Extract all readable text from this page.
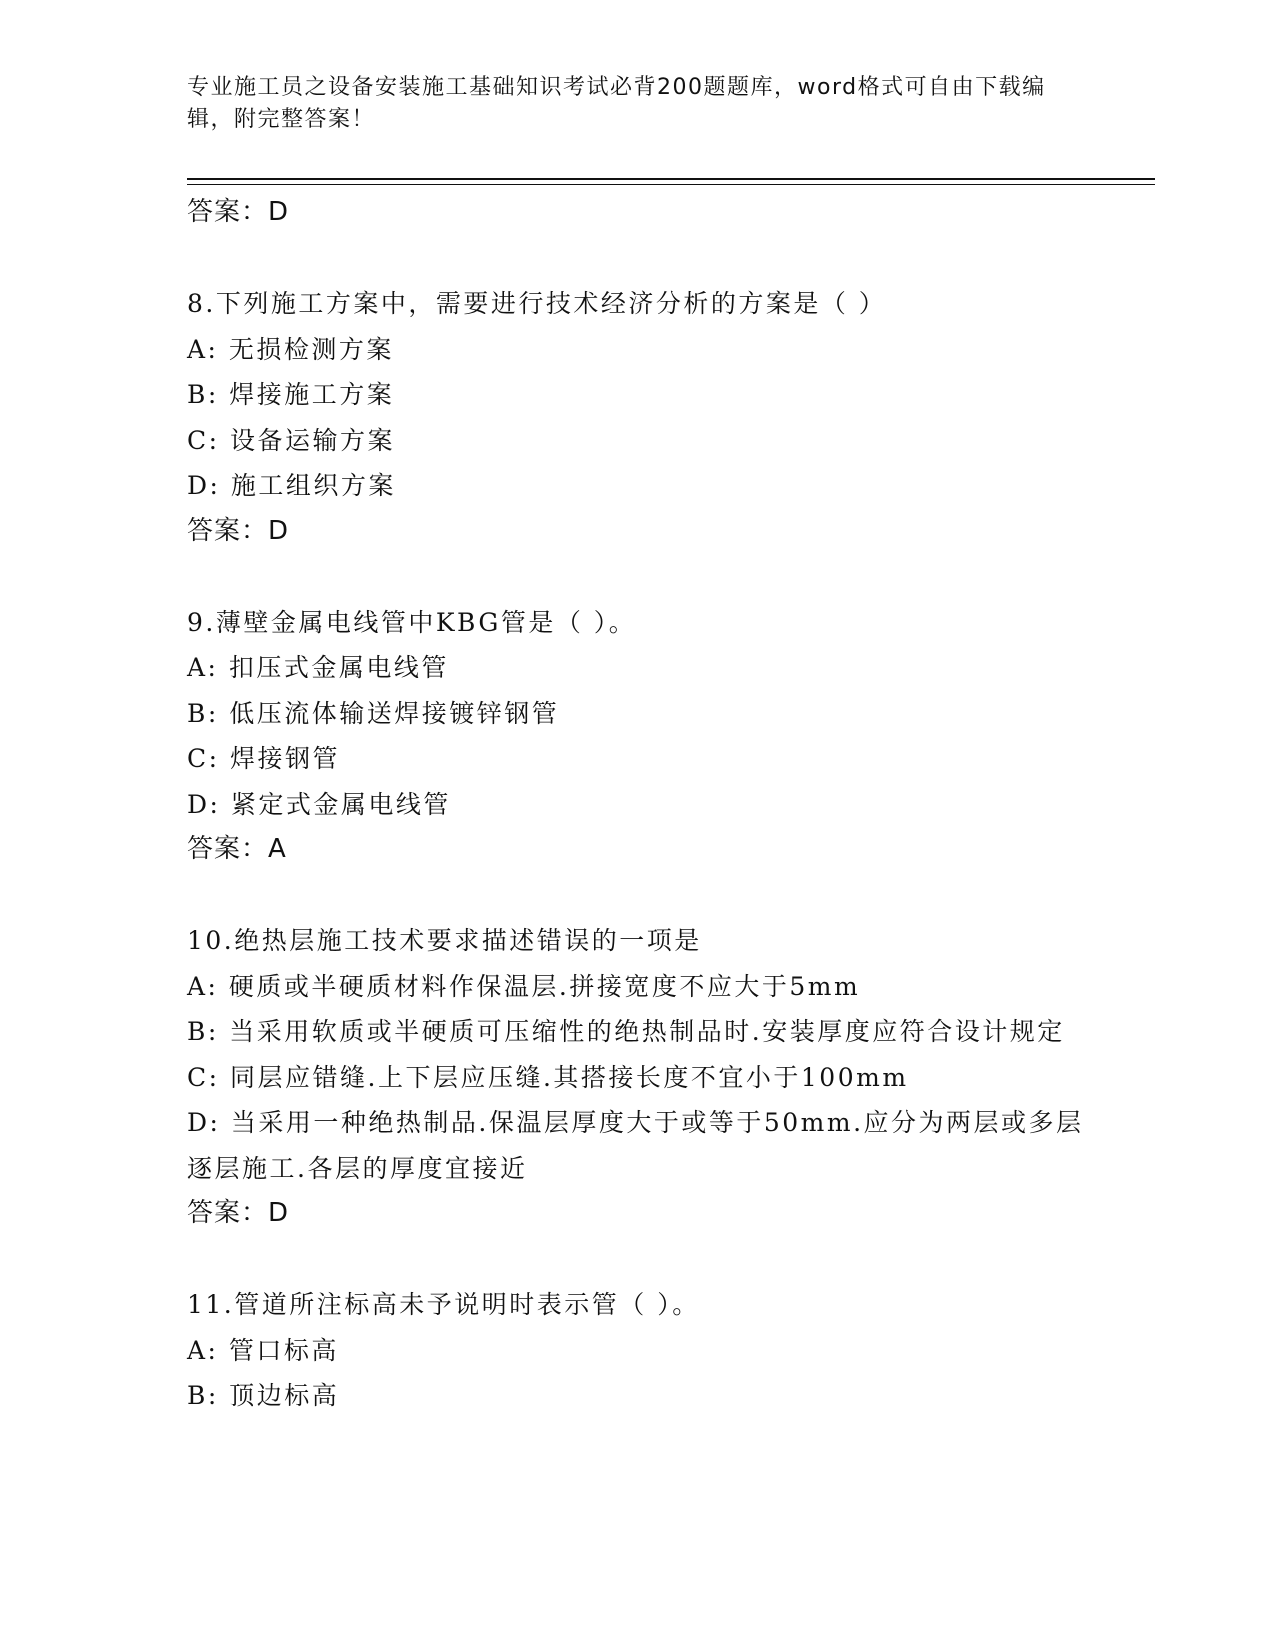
专业施工员之设备安装施工基础知识考试必背200题题库，word格式可自由下载编辑，附完整答案！
答案：D
8.下列施工方案中，需要进行技术经济分析的方案是（ ）
A: 无损检测方案
B: 焊接施工方案
C: 设备运输方案
D: 施工组织方案
答案：D
9.薄壁金属电线管中KBG管是（ ）。
A: 扣压式金属电线管
B: 低压流体输送焊接镀锌钢管
C: 焊接钢管
D: 紧定式金属电线管
答案：A
10.绝热层施工技术要求描述错误的一项是
A: 硬质或半硬质材料作保温层.拼接宽度不应大于5mm
B: 当采用软质或半硬质可压缩性的绝热制品时.安装厚度应符合设计规定
C: 同层应错缝.上下层应压缝.其搭接长度不宜小于100mm
D: 当采用一种绝热制品.保温层厚度大于或等于50mm.应分为两层或多层逐层施工.各层的厚度宜接近
答案：D
11.管道所注标高未予说明时表示管（ ）。
A: 管口标高
B: 顶边标高
